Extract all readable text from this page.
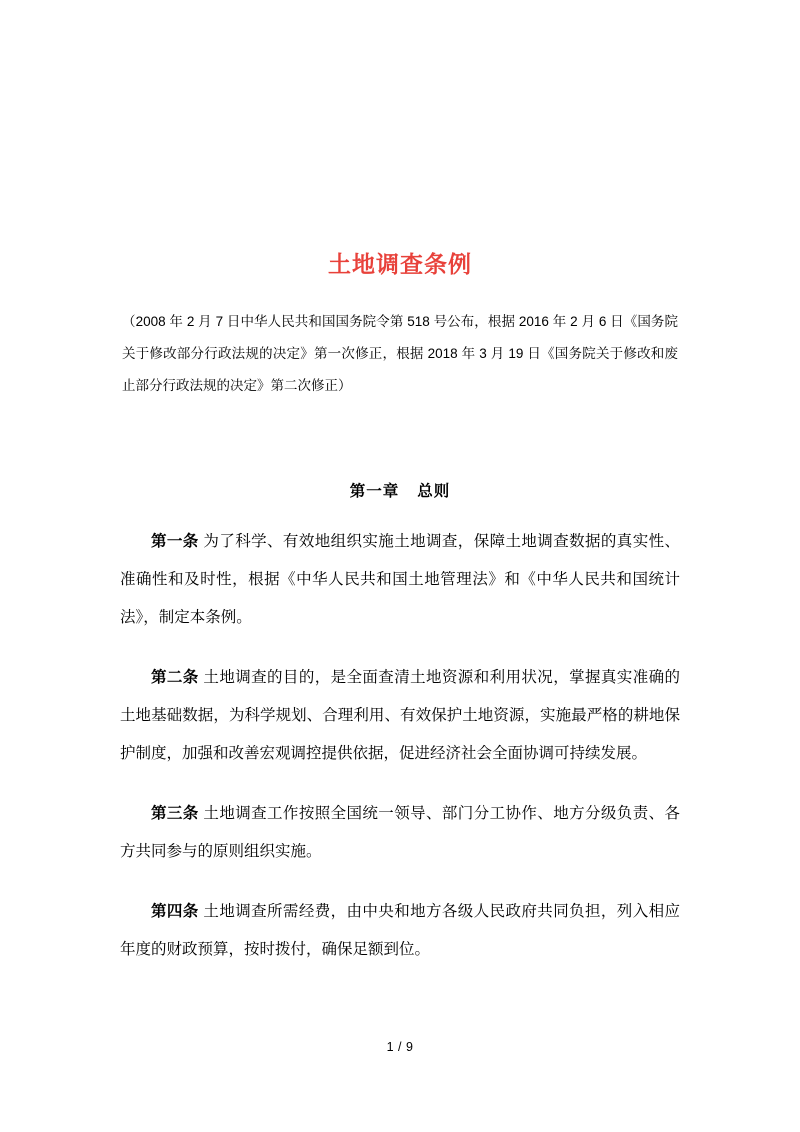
土地调查条例

（2008 年 2 月 7 日中华人民共和国国务院令第 518 号公布，根据 2016 年 2 月 6 日《国务院关于修改部分行政法规的决定》第一次修正，根据 2018 年 3 月 19 日《国务院关于修改和废止部分行政法规的决定》第二次修正）

第一章 总则

第一条 为了科学、有效地组织实施土地调查，保障土地调查数据的真实性、准确性和及时性，根据《中华人民共和国土地管理法》和《中华人民共和国统计法》，制定本条例。

第二条 土地调查的目的，是全面查清土地资源和利用状况，掌握真实准确的土地基础数据，为科学规划、合理利用、有效保护土地资源，实施最严格的耕地保护制度，加强和改善宏观调控提供依据，促进经济社会全面协调可持续发展。

第三条 土地调查工作按照全国统一领导、部门分工协作、地方分级负责、各方共同参与的原则组织实施。

第四条 土地调查所需经费，由中央和地方各级人民政府共同负担，列入相应年度的财政预算，按时拨付，确保足额到位。

1 / 9
